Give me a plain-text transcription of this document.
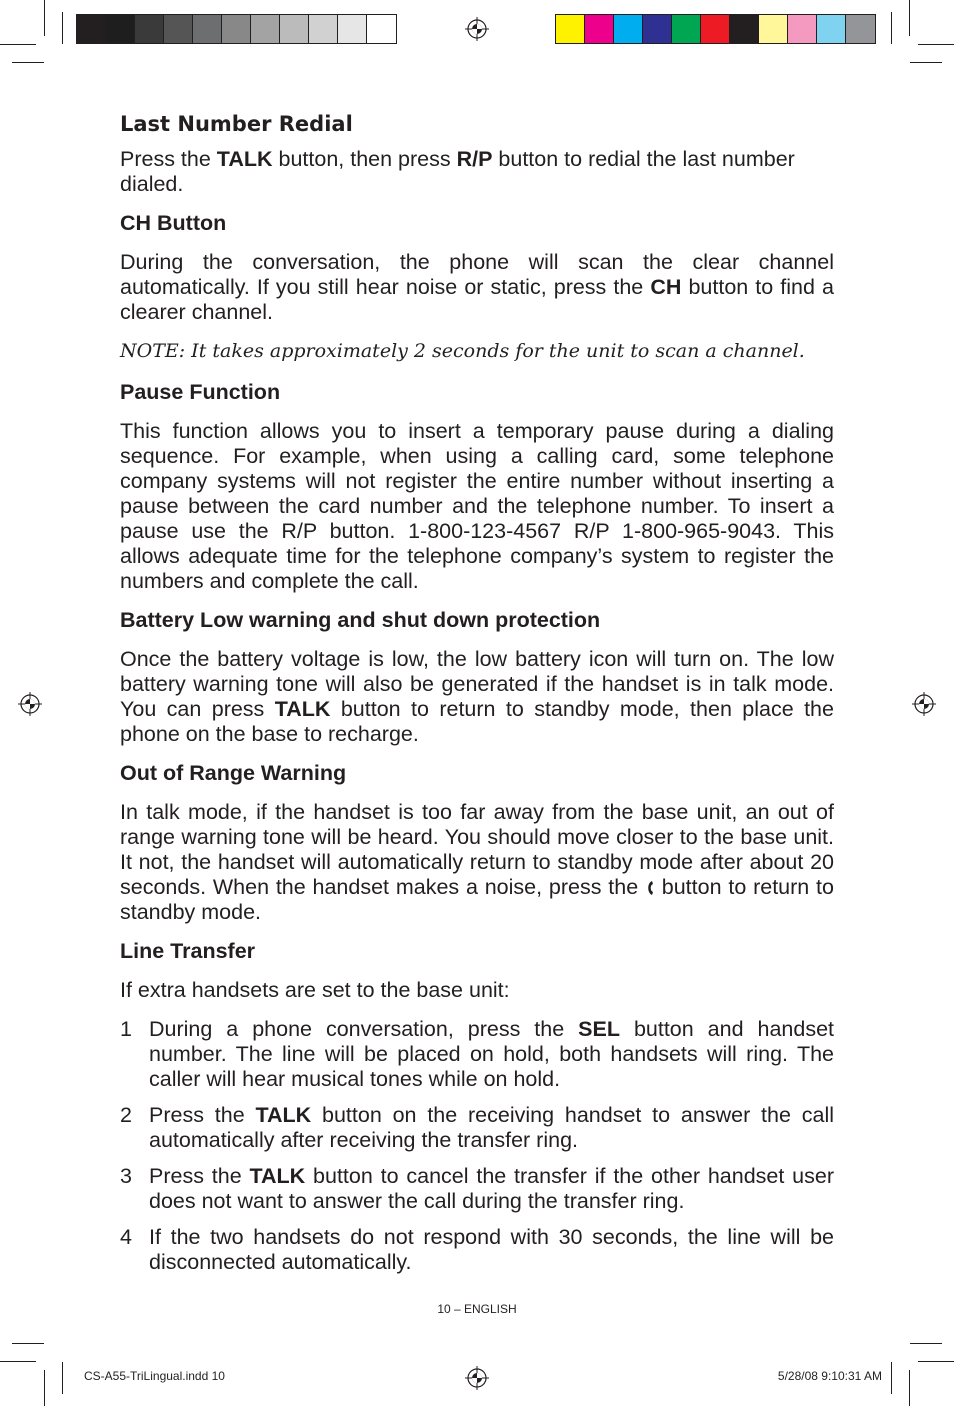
Last Number Redial

Press the TALK button, then press R/P button to redial the last number dialed.

CH Button

During the conversation, the phone will scan the clear channel automatically. If you still hear noise or static, press the CH button to find a clearer channel.

NOTE: It takes approximately 2 seconds for the unit to scan a channel.

Pause Function

This function allows you to insert a temporary pause during a dialing sequence. For example, when using a calling card, some telephone company systems will not register the entire number without inserting a pause between the card number and the telephone number. To insert a pause use the R/P button. 1-800-123-4567 R/P 1-800-965-9043. This allows adequate time for the telephone company’s system to register the numbers and complete the call.

Battery Low warning and shut down protection

Once the battery voltage is low, the low battery icon will turn on. The low battery warning tone will also be generated if the handset is in talk mode. You can press TALK button to return to standby mode, then place the phone on the base to recharge.

Out of Range Warning

In talk mode, if the handset is too far away from the base unit, an out of range warning tone will be heard. You should move closer to the base unit. It not, the handset will automatically return to standby mode after about 20 seconds. When the handset makes a noise, press the  button to return to standby mode.

Line Transfer

If extra handsets are set to the base unit:

1 During a phone conversation, press the SEL button and handset number. The line will be placed on hold, both handsets will ring. The caller will hear musical tones while on hold.
2 Press the TALK button on the receiving handset to answer the call automatically after receiving the transfer ring.
3 Press the TALK button to cancel the transfer if the other handset user does not want to answer the call during the transfer ring.
4 If the two handsets do not respond with 30 seconds, the line will be disconnected automatically.
10 – ENGLISH
CS-A55-TriLingual.indd 10	5/28/08 9:10:31 AM
